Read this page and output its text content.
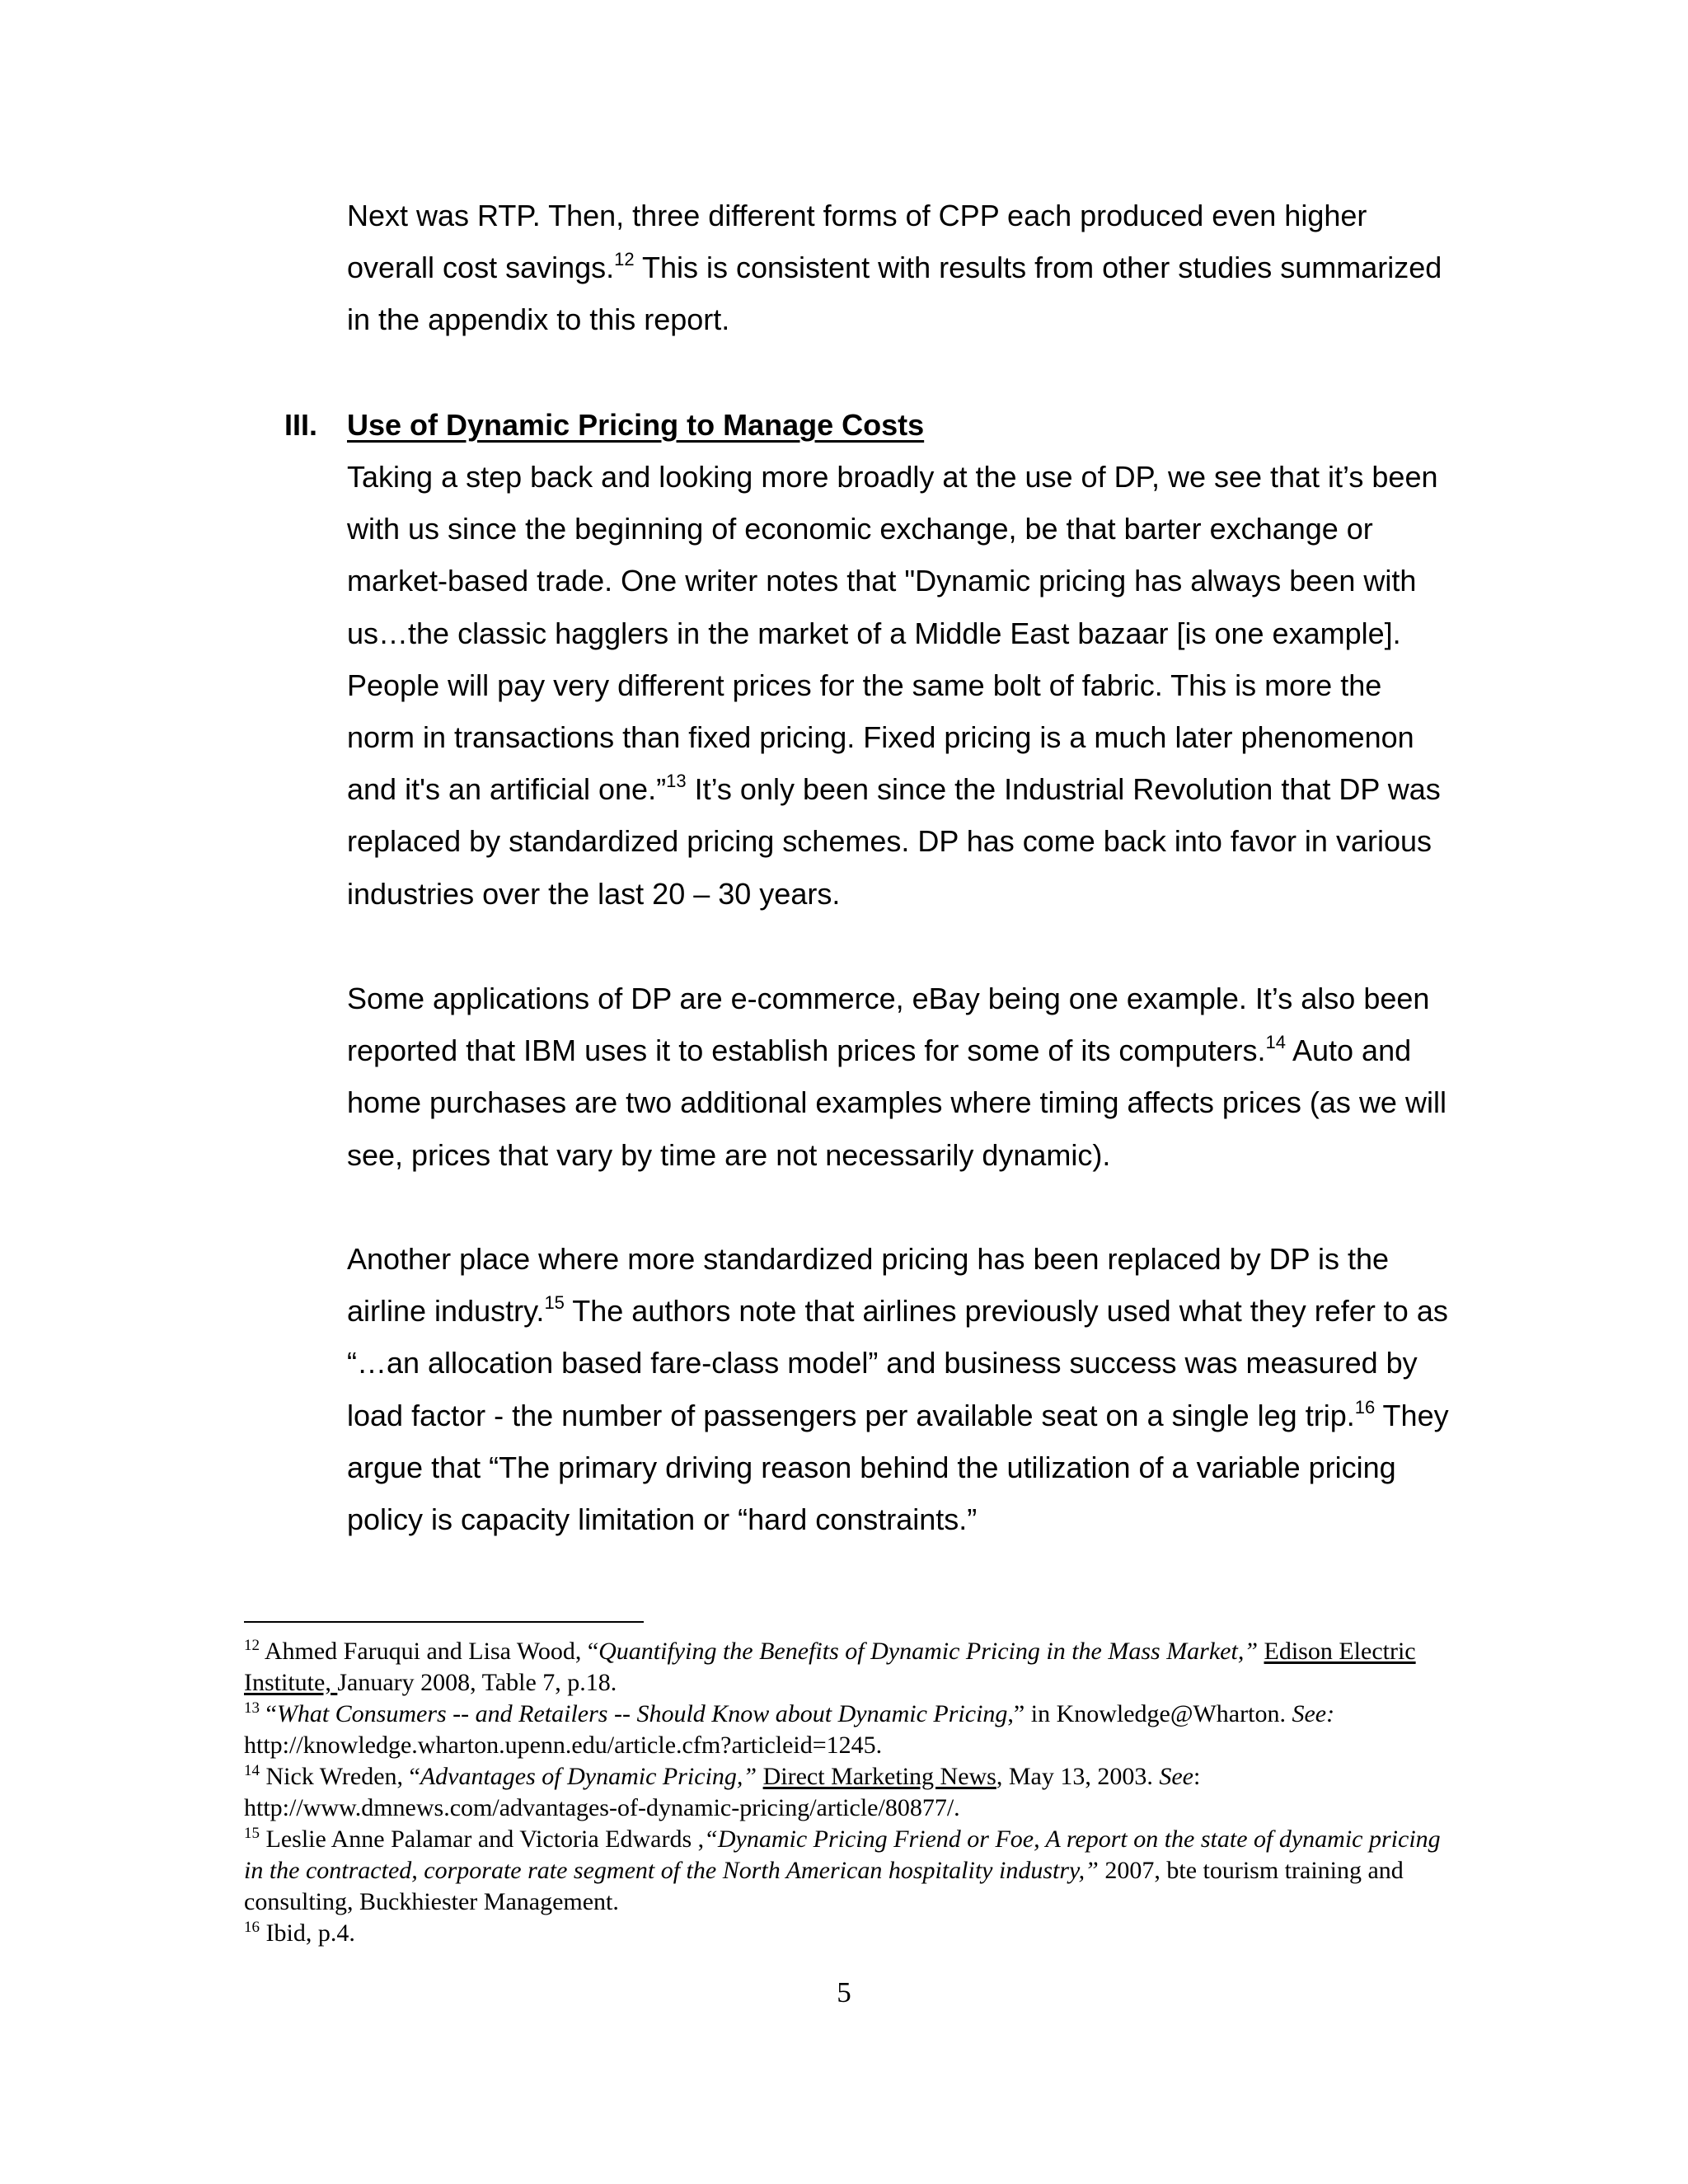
Next was RTP. Then, three different forms of CPP each produced even higher overall cost savings.$^{12}$ This is consistent with results from other studies summarized in the appendix to this report.

III. Use of Dynamic Pricing to Manage Costs

Taking a step back and looking more broadly at the use of DP, we see that it’s been with us since the beginning of economic exchange, be that barter exchange or market-based trade. One writer notes that "Dynamic pricing has always been with us…the classic hagglers in the market of a Middle East bazaar [is one example]. People will pay very different prices for the same bolt of fabric. This is more the norm in transactions than fixed pricing. Fixed pricing is a much later phenomenon and it's an artificial one.”$^{13}$ It’s only been since the Industrial Revolution that DP was replaced by standardized pricing schemes. DP has come back into favor in various industries over the last 20 – 30 years.

Some applications of DP are e-commerce, eBay being one example. It’s also been reported that IBM uses it to establish prices for some of its computers.$^{14}$ Auto and home purchases are two additional examples where timing affects prices (as we will see, prices that vary by time are not necessarily dynamic).

Another place where more standardized pricing has been replaced by DP is the airline industry.$^{15}$ The authors note that airlines previously used what they refer to as “…an allocation based fare-class model” and business success was measured by load factor - the number of passengers per available seat on a single leg trip.$^{16}$ They argue that “The primary driving reason behind the utilization of a variable pricing policy is capacity limitation or “hard constraints.”

$^{12}$ Ahmed Faruqui and Lisa Wood, “Quantifying the Benefits of Dynamic Pricing in the Mass Market,” Edison Electric Institute, January 2008, Table 7, p.18.

$^{13}$ “What Consumers -- and Retailers -- Should Know about Dynamic Pricing,” in Knowledge@Wharton. See: http://knowledge.wharton.upenn.edu/article.cfm?articleid=1245.

$^{14}$ Nick Wreden, “Advantages of Dynamic Pricing,” Direct Marketing News, May 13, 2003. See: http://www.dmnews.com/advantages-of-dynamic-pricing/article/80877/.

$^{15}$ Leslie Anne Palamar and Victoria Edwards ,“Dynamic Pricing Friend or Foe, A report on the state of dynamic pricing in the contracted, corporate rate segment of the North American hospitality industry,” 2007, bte tourism training and consulting, Buckhiester Management.

$^{16}$ Ibid, p.4.

5
